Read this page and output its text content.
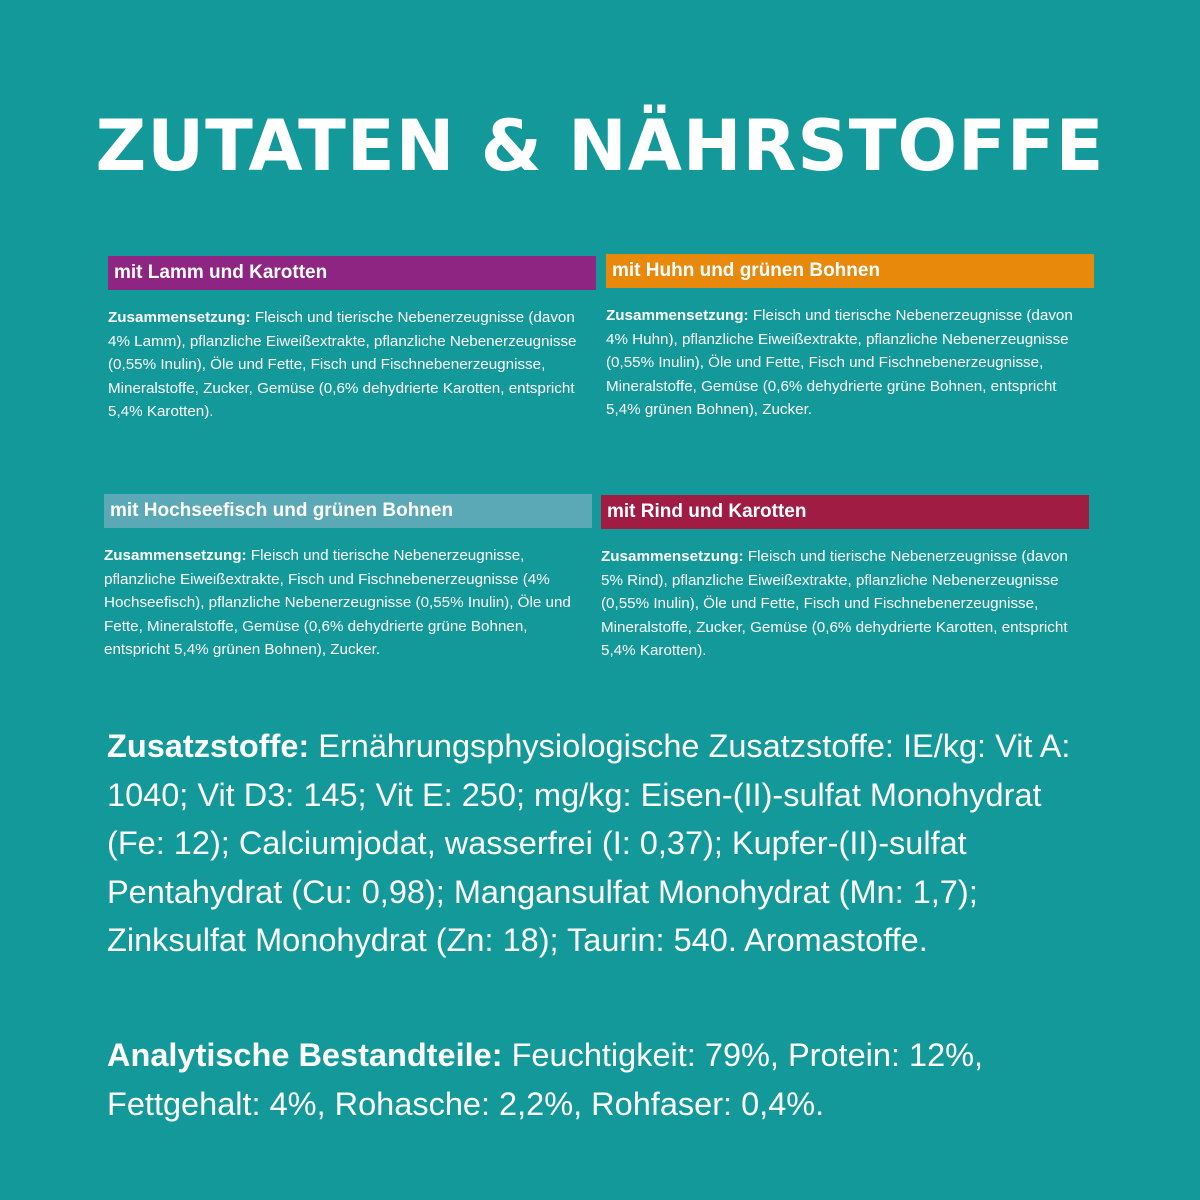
ZUTATEN & NÄHRSTOFFE
mit Lamm und Karotten
Zusammensetzung: Fleisch und tierische Nebenerzeugnisse (davon 4% Lamm), pflanzliche Eiweißextrakte, pflanzliche Nebenerzeugnisse (0,55% Inulin), Öle und Fette, Fisch und Fischnebenerzeugnisse, Mineralstoffe, Zucker, Gemüse (0,6% dehydrierte Karotten, entspricht 5,4% Karotten).
mit Huhn und grünen Bohnen
Zusammensetzung: Fleisch und tierische Nebenerzeugnisse (davon 4% Huhn), pflanzliche Eiweißextrakte, pflanzliche Nebenerzeugnisse (0,55% Inulin), Öle und Fette, Fisch und Fischnebenerzeugnisse, Mineralstoffe, Gemüse (0,6% dehydrierte grüne Bohnen, entspricht 5,4% grünen Bohnen), Zucker.
mit Hochseefisch und grünen Bohnen
Zusammensetzung: Fleisch und tierische Nebenerzeugnisse, pflanzliche Eiweißextrakte, Fisch und Fischnebenerzeugnisse (4% Hochseefisch), pflanzliche Nebenerzeugnisse (0,55% Inulin), Öle und Fette, Mineralstoffe, Gemüse (0,6% dehydrierte grüne Bohnen, entspricht 5,4% grünen Bohnen), Zucker.
mit Rind und Karotten
Zusammensetzung: Fleisch und tierische Nebenerzeugnisse (davon 5% Rind), pflanzliche Eiweißextrakte, pflanzliche Nebenerzeugnisse (0,55% Inulin), Öle und Fette, Fisch und Fischnebenerzeugnisse, Mineralstoffe, Zucker, Gemüse (0,6% dehydrierte Karotten, entspricht 5,4% Karotten).
Zusatzstoffe: Ernährungsphysiologische Zusatzstoffe: IE/kg: Vit A: 1040; Vit D3: 145; Vit E: 250; mg/kg: Eisen-(II)-sulfat Monohydrat (Fe: 12); Calciumjodat, wasserfrei (I: 0,37); Kupfer-(II)-sulfat Pentahydrat (Cu: 0,98); Mangansulfat Monohydrat (Mn: 1,7); Zinksulfat Monohydrat (Zn: 18); Taurin: 540. Aromastoffe.
Analytische Bestandteile: Feuchtigkeit: 79%, Protein: 12%, Fettgehalt: 4%, Rohasche: 2,2%, Rohfaser: 0,4%.
